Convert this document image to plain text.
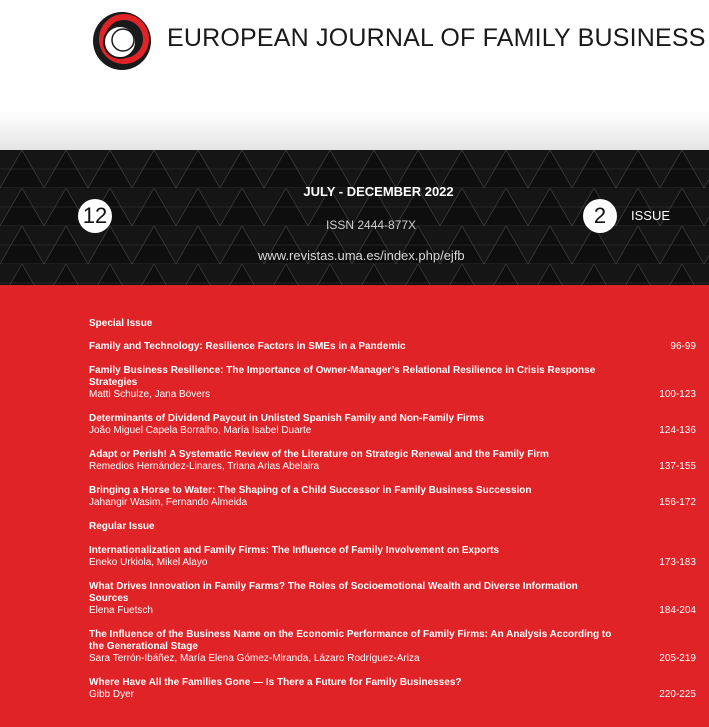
EUROPEAN JOURNAL OF FAMILY BUSINESS
JULY - DECEMBER 2022
12	ISSN 2444-877X	2	ISSUE
www.revistas.uma.es/index.php/ejfb
Special Issue
Family and Technology: Resilience Factors in SMEs in a Pandemic	96-99
Family Business Resilience: The Importance of Owner-Manager’s Relational Resilience in Crisis Response Strategies
Matti Schulze, Jana Bövers	100-123
Determinants of Dividend Payout in Unlisted Spanish Family and Non-Family Firms
João Miguel Capela Borralho, María Isabel Duarte	124-136
Adapt or Perish! A Systematic Review of the Literature on Strategic Renewal and the Family Firm
Remedios Hernández-Linares, Triana Arias Abelaira	137-155
Bringing a Horse to Water: The Shaping of a Child Successor in Family Business Succession
Jahangir Wasim, Fernando Almeida	156-172
Regular Issue
Internationalization and Family Firms: The Influence of Family Involvement on Exports
Eneko Urkiola, Mikel Alayo	173-183
What Drives Innovation in Family Farms? The Roles of Socioemotional Wealth and Diverse Information Sources
Elena Fuetsch	184-204
The Influence of the Business Name on the Economic Performance of Family Firms: An Analysis According to the Generational Stage
Sara Terrón-Ibáñez, María Elena Gómez-Miranda, Lázaro Rodríguez-Ariza	205-219
Where Have All the Families Gone — Is There a Future for Family Businesses?
Gibb Dyer	220-225
